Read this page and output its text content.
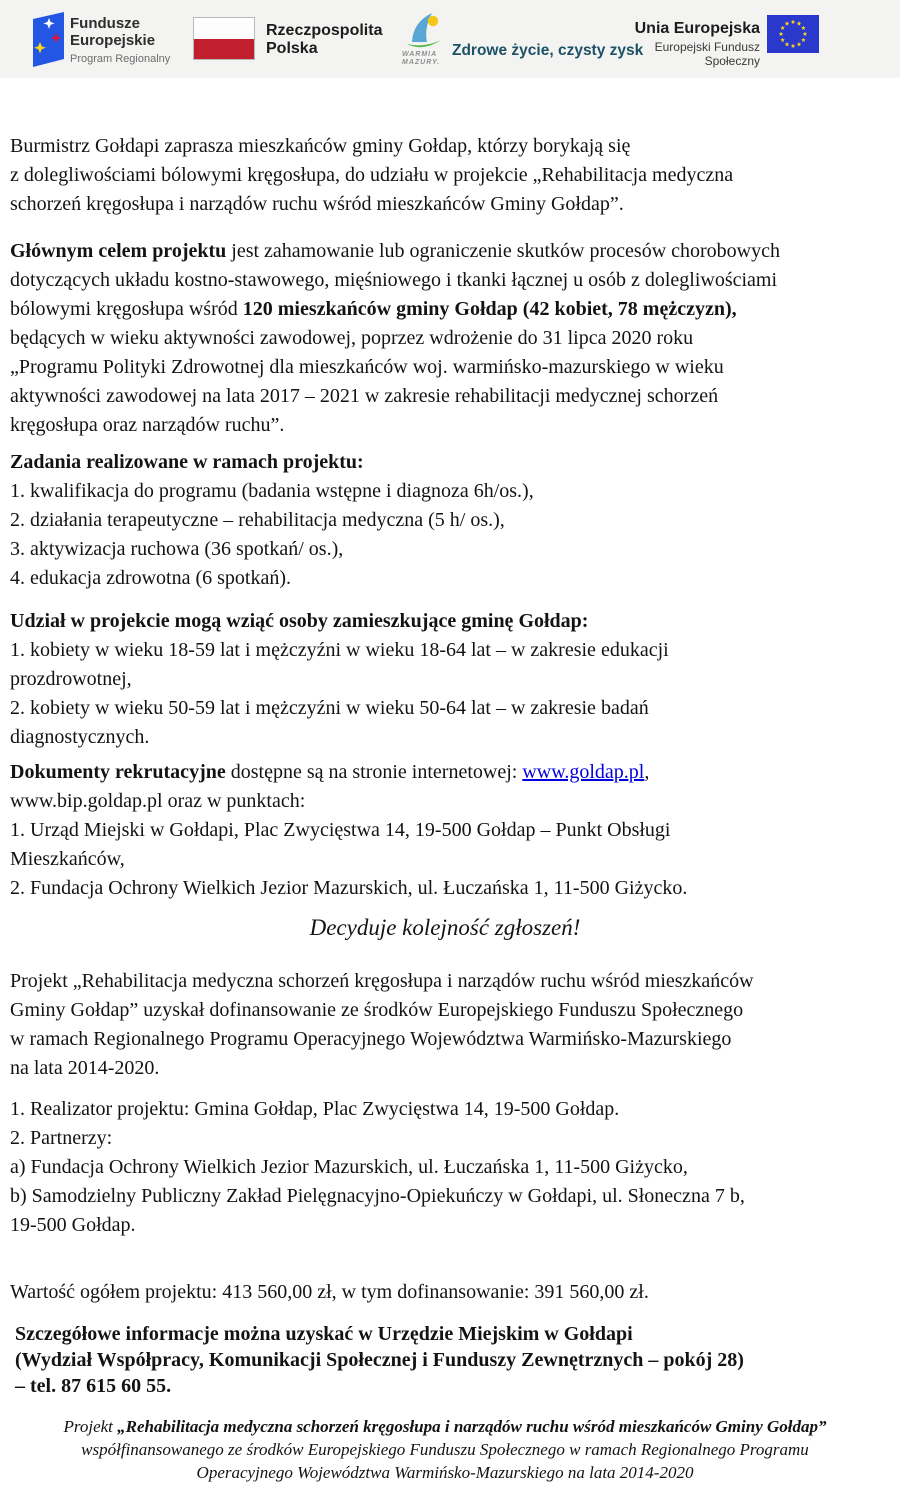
Fundusze
Europejskie
Program Regionalny
Rzeczpospolita
Polska	WARMIA
MAZURY.
Zdrowe życie, czysty zysk
Unia Europejska
Europejski Fundusz Społeczny
Burmistrz Gołdapi zaprasza mieszkańców gminy Gołdap, którzy borykają się
z dolegliwościami bólowymi kręgosłupa, do udziału w projekcie „Rehabilitacja medyczna
schorzeń kręgosłupa i narządów ruchu wśród mieszkańców Gminy Gołdap”.
Głównym celem projektu jest zahamowanie lub ograniczenie skutków procesów chorobowych
dotyczących układu kostno-stawowego, mięśniowego i tkanki łącznej u osób z dolegliwościami
bólowymi kręgosłupa wśród 120 mieszkańców gminy Gołdap (42 kobiet, 78 mężczyzn),
będących w wieku aktywności zawodowej, poprzez wdrożenie do 31 lipca 2020 roku
„Programu Polityki Zdrowotnej dla mieszkańców woj. warmińsko-mazurskiego w wieku
aktywności zawodowej na lata 2017 – 2021 w zakresie rehabilitacji medycznej schorzeń
kręgosłupa oraz narządów ruchu”.
Zadania realizowane w ramach projektu:
1. kwalifikacja do programu (badania wstępne i diagnoza 6h/os.),
2. działania terapeutyczne – rehabilitacja medyczna (5 h/ os.),
3. aktywizacja ruchowa (36 spotkań/ os.),
4. edukacja zdrowotna (6 spotkań).
Udział w projekcie mogą wziąć osoby zamieszkujące gminę Gołdap:
1. kobiety w wieku 18-59 lat i mężczyźni w wieku 18-64 lat – w zakresie edukacji
prozdrowotnej,
2. kobiety w wieku 50-59 lat i mężczyźni w wieku 50-64 lat – w zakresie badań
diagnostycznych.
Dokumenty rekrutacyjne dostępne są na stronie internetowej: www.goldap.pl,
www.bip.goldap.pl oraz w punktach:
1. Urząd Miejski w Gołdapi, Plac Zwycięstwa 14, 19-500 Gołdap – Punkt Obsługi
Mieszkańców,
2. Fundacja Ochrony Wielkich Jezior Mazurskich, ul. Łuczańska 1, 11-500 Giżycko.
Decyduje kolejność zgłoszeń!
Projekt „Rehabilitacja medyczna schorzeń kręgosłupa i narządów ruchu wśród mieszkańców
Gminy Gołdap” uzyskał dofinansowanie ze środków Europejskiego Funduszu Społecznego
w ramach Regionalnego Programu Operacyjnego Województwa Warmińsko-Mazurskiego
na lata 2014-2020.
1. Realizator projektu: Gmina Gołdap, Plac Zwycięstwa 14, 19-500 Gołdap.
2. Partnerzy:
a) Fundacja Ochrony Wielkich Jezior Mazurskich, ul. Łuczańska 1, 11-500 Giżycko,
b) Samodzielny Publiczny Zakład Pielęgnacyjno-Opiekuńczy w Gołdapi, ul. Słoneczna 7 b,
19-500 Gołdap.
Wartość ogółem projektu: 413 560,00 zł, w tym dofinansowanie: 391 560,00 zł.
Szczegółowe informacje można uzyskać w Urzędzie Miejskim w Gołdapi
(Wydział Współpracy, Komunikacji Społecznej i Funduszy Zewnętrznych – pokój 28)
– tel. 87 615 60 55.
Projekt „Rehabilitacja medyczna schorzeń kręgosłupa i narządów ruchu wśród mieszkańców Gminy Gołdap”
współfinansowanego ze środków Europejskiego Funduszu Społecznego w ramach Regionalnego Programu
Operacyjnego Województwa Warmińsko-Mazurskiego na lata 2014-2020
